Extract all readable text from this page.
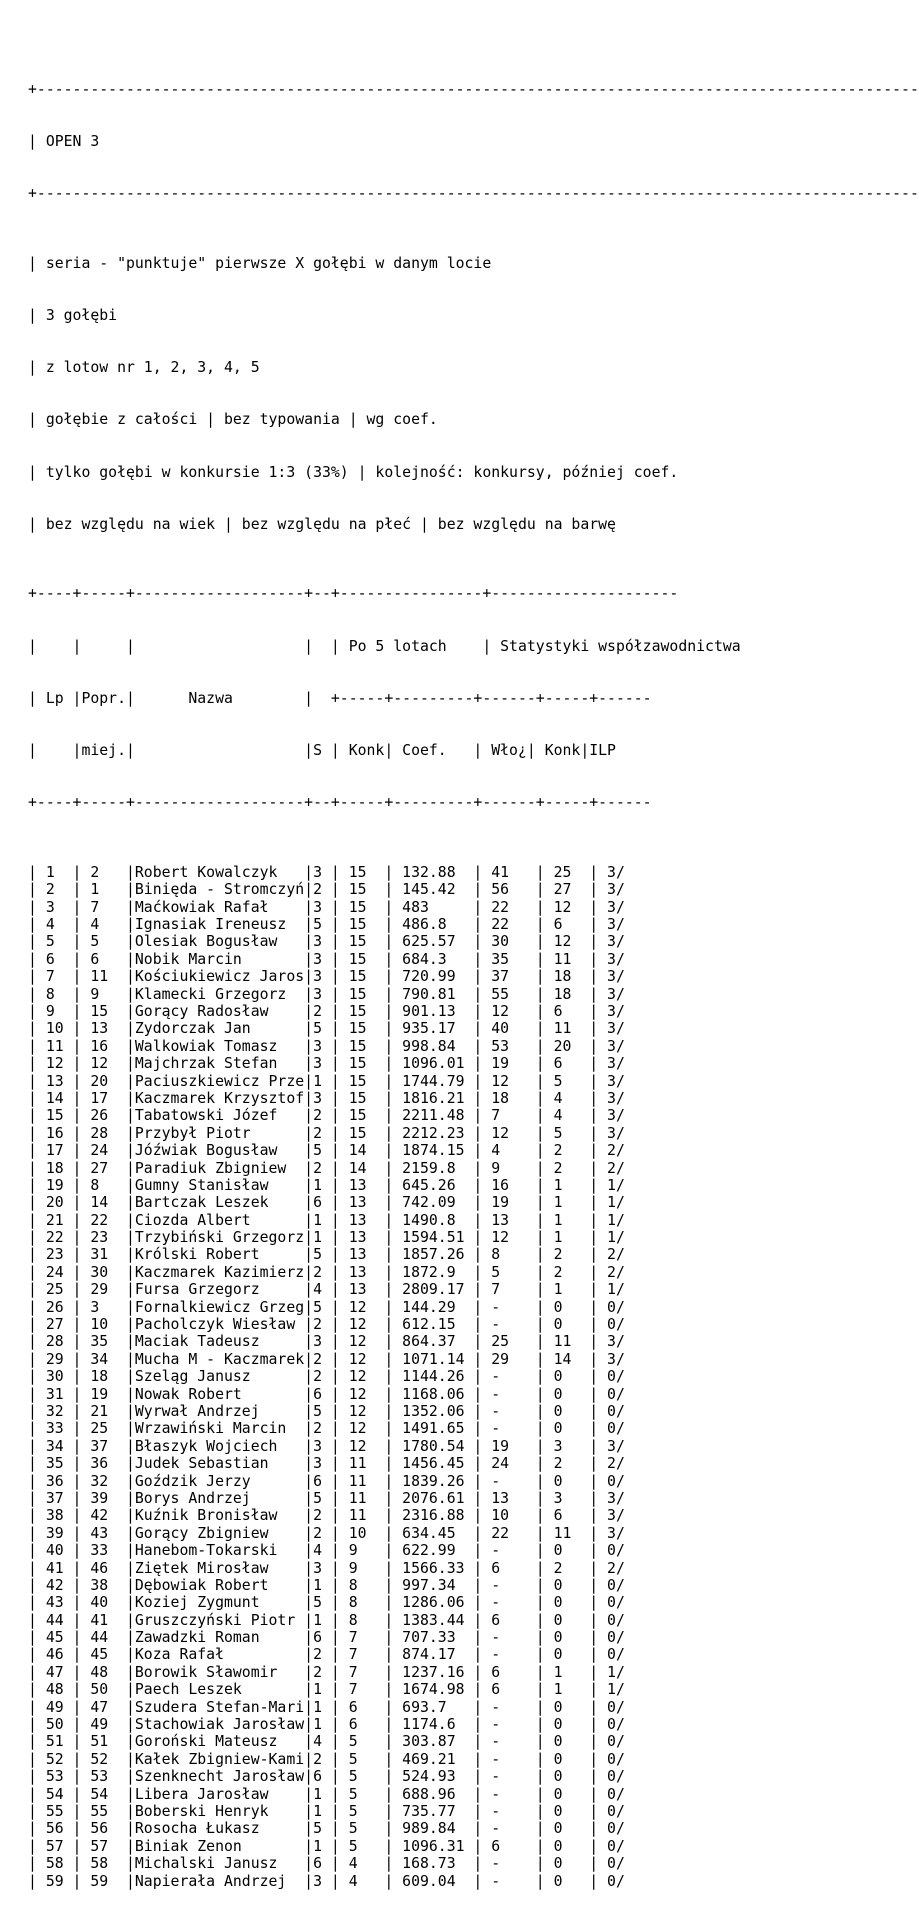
+---------------------------------------------------------------------------------------------------

| OPEN 3

+---------------------------------------------------------------------------------------------------

| seria - "punktuje" pierwsze X gołębi w danym locie

| 3 gołębi

| z lotow nr 1, 2, 3, 4, 5

| gołębie z całości | bez typowania | wg coef.

| tylko gołębi w konkursie 1:3 (33%) | kolejność: konkursy, później coef.

| bez względu na wiek | bez względu na płeć | bez względu na barwę

+----+-----+-------------------+--+----------------+---------------------

|    |     |                   |  | Po 5 lotach    | Statystyki współzawodnictwa

| Lp |Popr.|      Nazwa        |  +-----+---------+------+-----+------

|    |miej.|                   |S | Konk| Coef.   | Wło¿| Konk|ILP

+----+-----+-------------------+--+-----+---------+------+-----+------

| 1  | 2   |Robert Kowalczyk   |3 | 15  | 132.88  | 41   | 25  | 3/
| 2  | 1   |Binięda - Stromczyń|2 | 15  | 145.42  | 56   | 27  | 3/
| 3  | 7   |Maćkowiak Rafał    |3 | 15  | 483     | 22   | 12  | 3/
| 4  | 4   |Ignasiak Ireneusz  |5 | 15  | 486.8   | 22   | 6   | 3/
| 5  | 5   |Olesiak Bogusław   |3 | 15  | 625.57  | 30   | 12  | 3/
| 6  | 6   |Nobik Marcin       |3 | 15  | 684.3   | 35   | 11  | 3/
| 7  | 11  |Kościukiewicz Jaros|3 | 15  | 720.99  | 37   | 18  | 3/
| 8  | 9   |Klamecki Grzegorz  |3 | 15  | 790.81  | 55   | 18  | 3/
| 9  | 15  |Gorący Radosław    |2 | 15  | 901.13  | 12   | 6   | 3/
| 10 | 13  |Zydorczak Jan      |5 | 15  | 935.17  | 40   | 11  | 3/
| 11 | 16  |Walkowiak Tomasz   |3 | 15  | 998.84  | 53   | 20  | 3/
| 12 | 12  |Majchrzak Stefan   |3 | 15  | 1096.01 | 19   | 6   | 3/
| 13 | 20  |Paciuszkiewicz Prze|1 | 15  | 1744.79 | 12   | 5   | 3/
| 14 | 17  |Kaczmarek Krzysztof|3 | 15  | 1816.21 | 18   | 4   | 3/
| 15 | 26  |Tabatowski Józef   |2 | 15  | 2211.48 | 7    | 4   | 3/
| 16 | 28  |Przybył Piotr      |2 | 15  | 2212.23 | 12   | 5   | 3/
| 17 | 24  |Jóźwiak Bogusław   |5 | 14  | 1874.15 | 4    | 2   | 2/
| 18 | 27  |Paradiuk Zbigniew  |2 | 14  | 2159.8  | 9    | 2   | 2/
| 19 | 8   |Gumny Stanisław    |1 | 13  | 645.26  | 16   | 1   | 1/
| 20 | 14  |Bartczak Leszek    |6 | 13  | 742.09  | 19   | 1   | 1/
| 21 | 22  |Ciozda Albert      |1 | 13  | 1490.8  | 13   | 1   | 1/
| 22 | 23  |Trzybiński Grzegorz|1 | 13  | 1594.51 | 12   | 1   | 1/
| 23 | 31  |Królski Robert     |5 | 13  | 1857.26 | 8    | 2   | 2/
| 24 | 30  |Kaczmarek Kazimierz|2 | 13  | 1872.9  | 5    | 2   | 2/
| 25 | 29  |Fursa Grzegorz     |4 | 13  | 2809.17 | 7    | 1   | 1/
| 26 | 3   |Fornalkiewicz Grzeg|5 | 12  | 144.29  | -    | 0   | 0/
| 27 | 10  |Pacholczyk Wiesław |2 | 12  | 612.15  | -    | 0   | 0/
| 28 | 35  |Maciak Tadeusz     |3 | 12  | 864.37  | 25   | 11  | 3/
| 29 | 34  |Mucha M - Kaczmarek|2 | 12  | 1071.14 | 29   | 14  | 3/
| 30 | 18  |Szeląg Janusz      |2 | 12  | 1144.26 | -    | 0   | 0/
| 31 | 19  |Nowak Robert       |6 | 12  | 1168.06 | -    | 0   | 0/
| 32 | 21  |Wyrwał Andrzej     |5 | 12  | 1352.06 | -    | 0   | 0/
| 33 | 25  |Wrzawiński Marcin  |2 | 12  | 1491.65 | -    | 0   | 0/
| 34 | 37  |Błaszyk Wojciech   |3 | 12  | 1780.54 | 19   | 3   | 3/
| 35 | 36  |Judek Sebastian    |3 | 11  | 1456.45 | 24   | 2   | 2/
| 36 | 32  |Goździk Jerzy      |6 | 11  | 1839.26 | -    | 0   | 0/
| 37 | 39  |Borys Andrzej      |5 | 11  | 2076.61 | 13   | 3   | 3/
| 38 | 42  |Kuźnik Bronisław   |2 | 11  | 2316.88 | 10   | 6   | 3/
| 39 | 43  |Gorący Zbigniew    |2 | 10  | 634.45  | 22   | 11  | 3/
| 40 | 33  |Hanebom-Tokarski   |4 | 9   | 622.99  | -    | 0   | 0/
| 41 | 46  |Ziętek Mirosław    |3 | 9   | 1566.33 | 6    | 2   | 2/
| 42 | 38  |Dębowiak Robert    |1 | 8   | 997.34  | -    | 0   | 0/
| 43 | 40  |Koziej Zygmunt     |5 | 8   | 1286.06 | -    | 0   | 0/
| 44 | 41  |Gruszczyński Piotr |1 | 8   | 1383.44 | 6    | 0   | 0/
| 45 | 44  |Zawadzki Roman     |6 | 7   | 707.33  | -    | 0   | 0/
| 46 | 45  |Koza Rafał         |2 | 7   | 874.17  | -    | 0   | 0/
| 47 | 48  |Borowik Sławomir   |2 | 7   | 1237.16 | 6    | 1   | 1/
| 48 | 50  |Paech Leszek       |1 | 7   | 1674.98 | 6    | 1   | 1/
| 49 | 47  |Szudera Stefan-Mari|1 | 6   | 693.7   | -    | 0   | 0/
| 50 | 49  |Stachowiak Jarosław|1 | 6   | 1174.6  | -    | 0   | 0/
| 51 | 51  |Goroński Mateusz   |4 | 5   | 303.87  | -    | 0   | 0/
| 52 | 52  |Kałek Zbigniew-Kami|2 | 5   | 469.21  | -    | 0   | 0/
| 53 | 53  |Szenknecht Jarosław|6 | 5   | 524.93  | -    | 0   | 0/
| 54 | 54  |Libera Jarosław    |1 | 5   | 688.96  | -    | 0   | 0/
| 55 | 55  |Boberski Henryk    |1 | 5   | 735.77  | -    | 0   | 0/
| 56 | 56  |Rosocha Łukasz     |5 | 5   | 989.84  | -    | 0   | 0/
| 57 | 57  |Biniak Zenon       |1 | 5   | 1096.31 | 6    | 0   | 0/
| 58 | 58  |Michalski Janusz   |6 | 4   | 168.73  | -    | 0   | 0/
| 59 | 59  |Napierała Andrzej  |3 | 4   | 609.04  | -    | 0   | 0/
